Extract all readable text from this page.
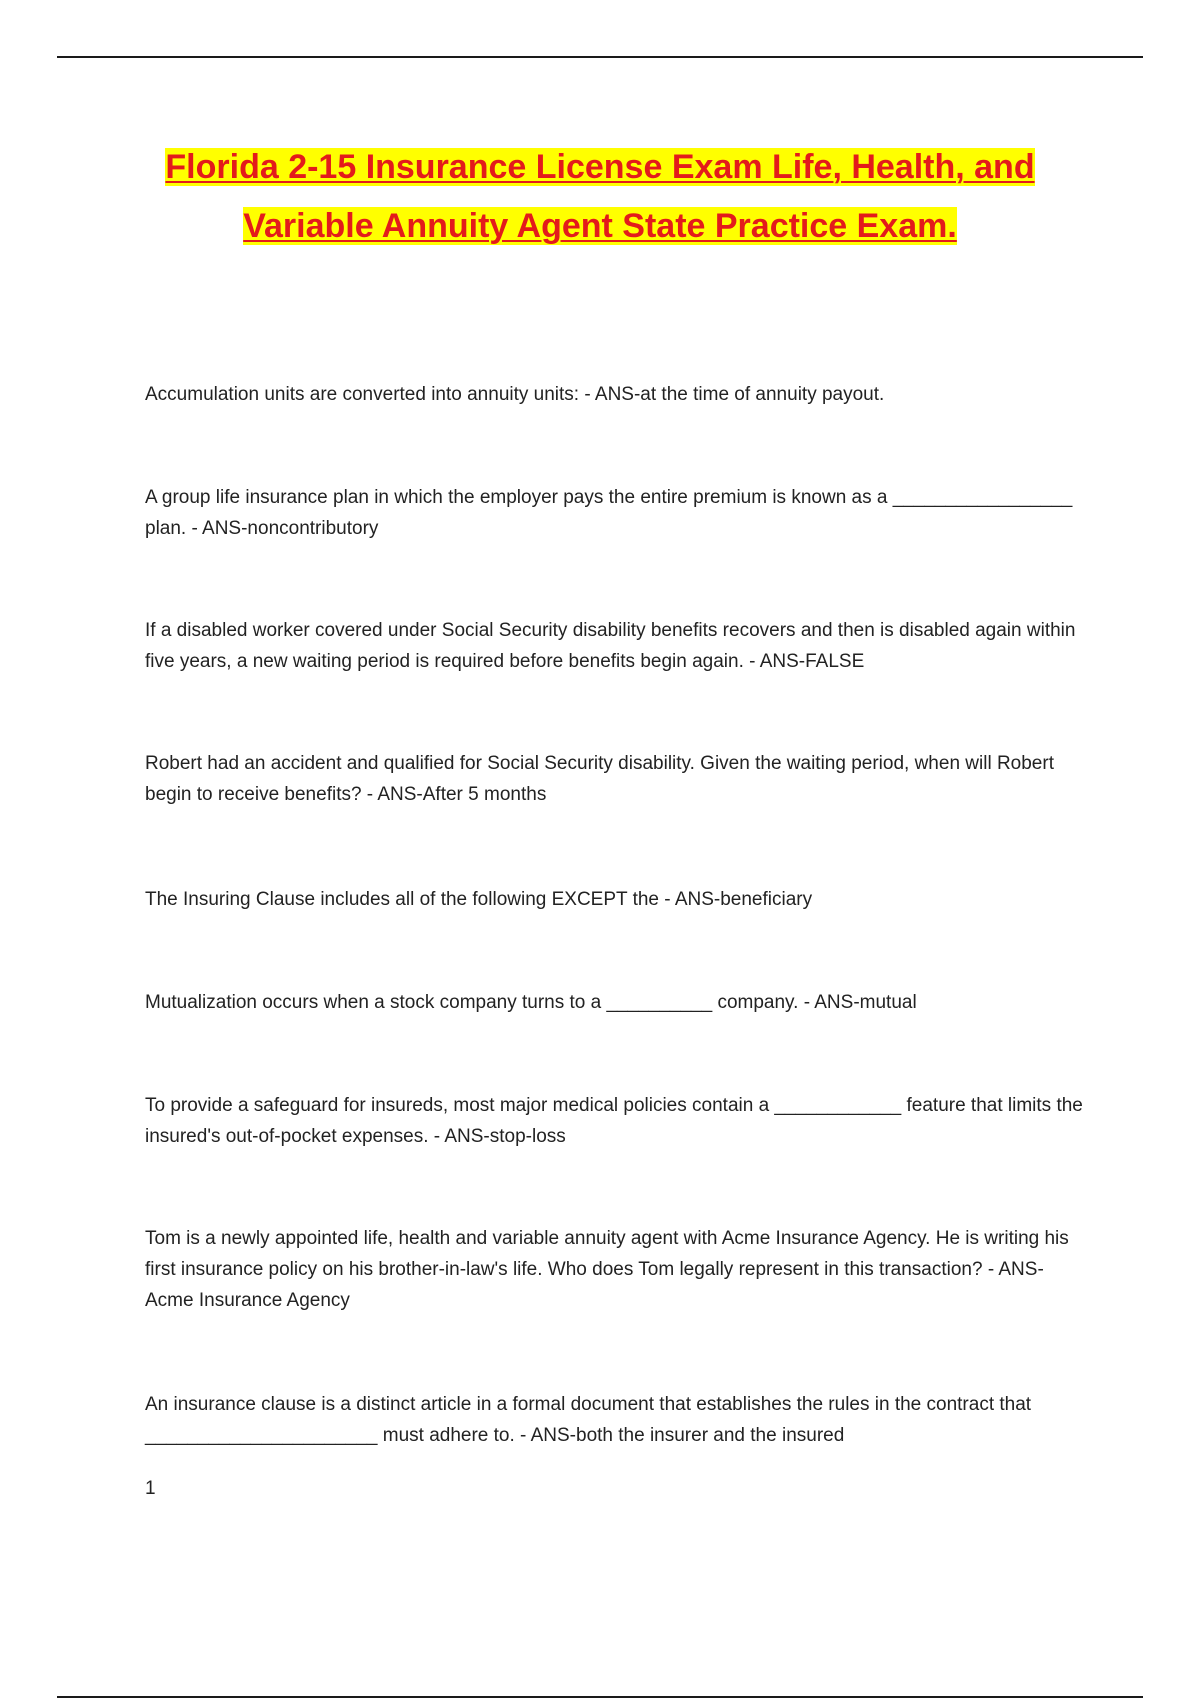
Florida 2-15 Insurance License Exam Life, Health, and Variable Annuity Agent State Practice Exam.

Accumulation units are converted into annuity units: - ANS-at the time of annuity payout.

A group life insurance plan in which the employer pays the entire premium is known as a _________________ plan. - ANS-noncontributory

If a disabled worker covered under Social Security disability benefits recovers and then is disabled again within five years, a new waiting period is required before benefits begin again. - ANS-FALSE

Robert had an accident and qualified for Social Security disability. Given the waiting period, when will Robert begin to receive benefits? - ANS-After 5 months

The Insuring Clause includes all of the following EXCEPT the - ANS-beneficiary

Mutualization occurs when a stock company turns to a __________ company. - ANS-mutual

To provide a safeguard for insureds, most major medical policies contain a ____________ feature that limits the insured's out-of-pocket expenses. - ANS-stop-loss

Tom is a newly appointed life, health and variable annuity agent with Acme Insurance Agency. He is writing his first insurance policy on his brother-in-law's life. Who does Tom legally represent in this transaction? - ANS-Acme Insurance Agency

An insurance clause is a distinct article in a formal document that establishes the rules in the contract that ______________________ must adhere to. - ANS-both the insurer and the insured

1
